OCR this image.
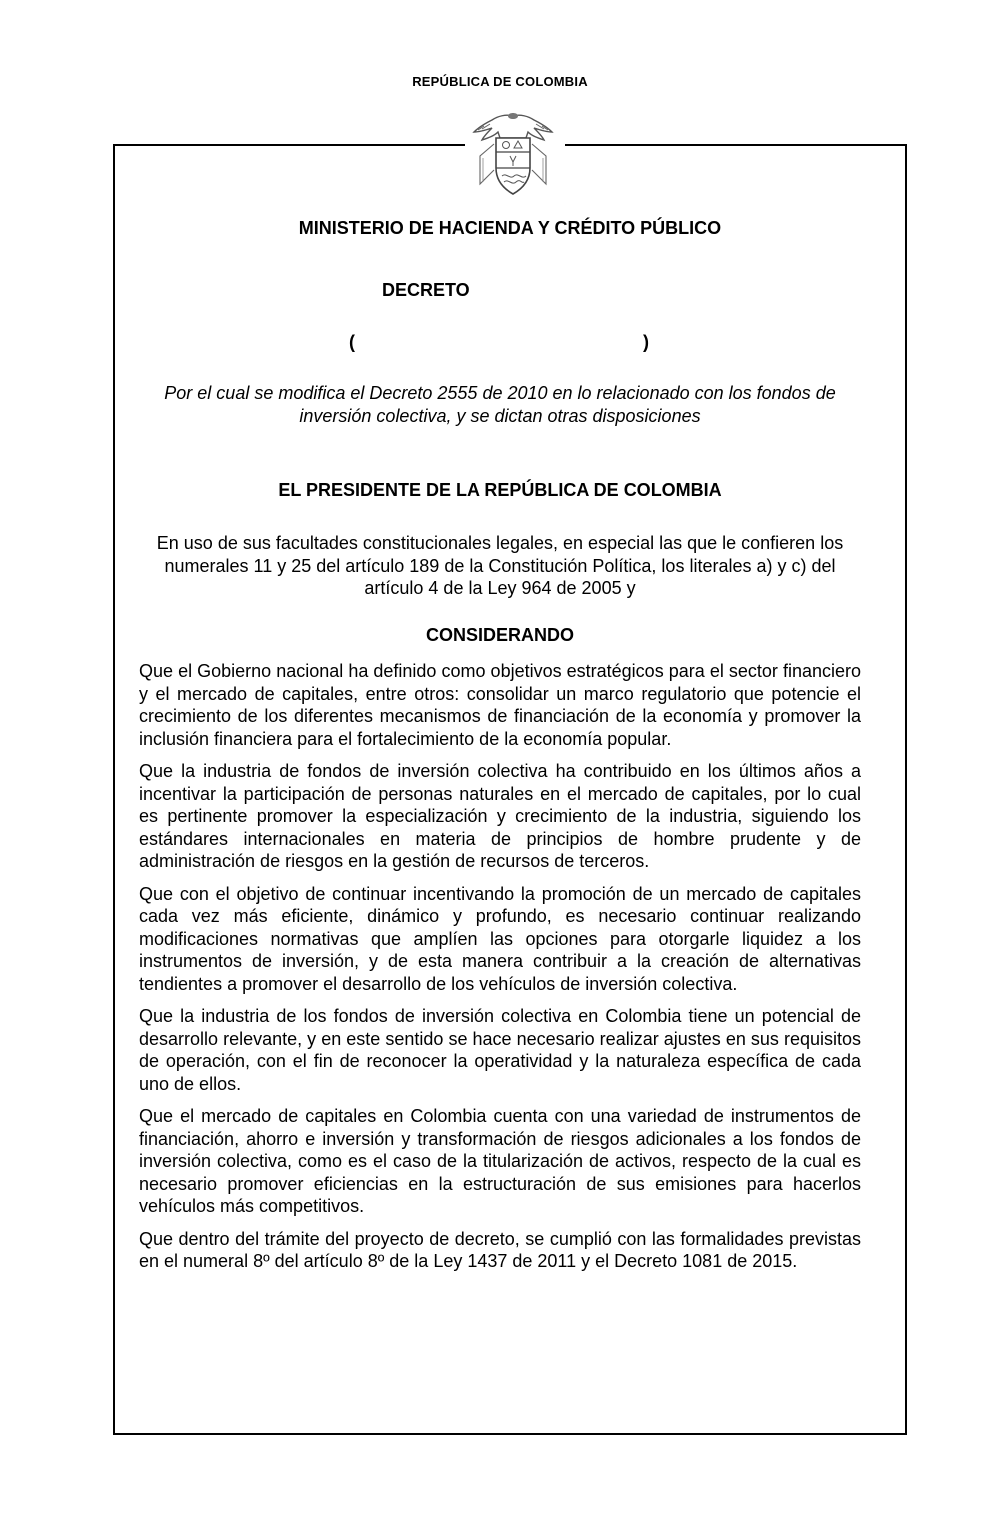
REPÚBLICA DE COLOMBIA
MINISTERIO DE HACIENDA Y CRÉDITO PÚBLICO
DECRETO
(	)
Por el cual se modifica el Decreto 2555 de 2010 en lo relacionado con los fondos de inversión colectiva, y se dictan otras disposiciones
EL PRESIDENTE DE LA REPÚBLICA DE COLOMBIA
En uso de sus facultades constitucionales legales, en especial las que le confieren los numerales 11 y 25 del artículo 189 de la Constitución Política, los literales a) y c) del artículo 4 de la Ley 964 de 2005 y
CONSIDERANDO

Que el Gobierno nacional ha definido como objetivos estratégicos para el sector financiero y el mercado de capitales, entre otros: consolidar un marco regulatorio que potencie el crecimiento de los diferentes mecanismos de financiación de la economía y promover la inclusión financiera para el fortalecimiento de la economía popular.

Que la industria de fondos de inversión colectiva ha contribuido en los últimos años a incentivar la participación de personas naturales en el mercado de capitales, por lo cual es pertinente promover la especialización y crecimiento de la industria, siguiendo los estándares internacionales en materia de principios de hombre prudente y de administración de riesgos en la gestión de recursos de terceros.

Que con el objetivo de continuar incentivando la promoción de un mercado de capitales cada vez más eficiente, dinámico y profundo, es necesario continuar realizando modificaciones normativas que amplíen las opciones para otorgarle liquidez a los instrumentos de inversión, y de esta manera contribuir a la creación de alternativas tendientes a promover el desarrollo de los vehículos de inversión colectiva.

Que la industria de los fondos de inversión colectiva en Colombia tiene un potencial de desarrollo relevante, y en este sentido se hace necesario realizar ajustes en sus requisitos de operación, con el fin de reconocer la operatividad y la naturaleza específica de cada uno de ellos.

Que el mercado de capitales en Colombia cuenta con una variedad de instrumentos de financiación, ahorro e inversión y transformación de riesgos adicionales a los fondos de inversión colectiva, como es el caso de la titularización de activos, respecto de la cual es necesario promover eficiencias en la estructuración de sus emisiones para hacerlos vehículos más competitivos.

Que dentro del trámite del proyecto de decreto, se cumplió con las formalidades previstas en el numeral 8º del artículo 8º de la Ley 1437 de 2011 y el Decreto 1081 de 2015.
